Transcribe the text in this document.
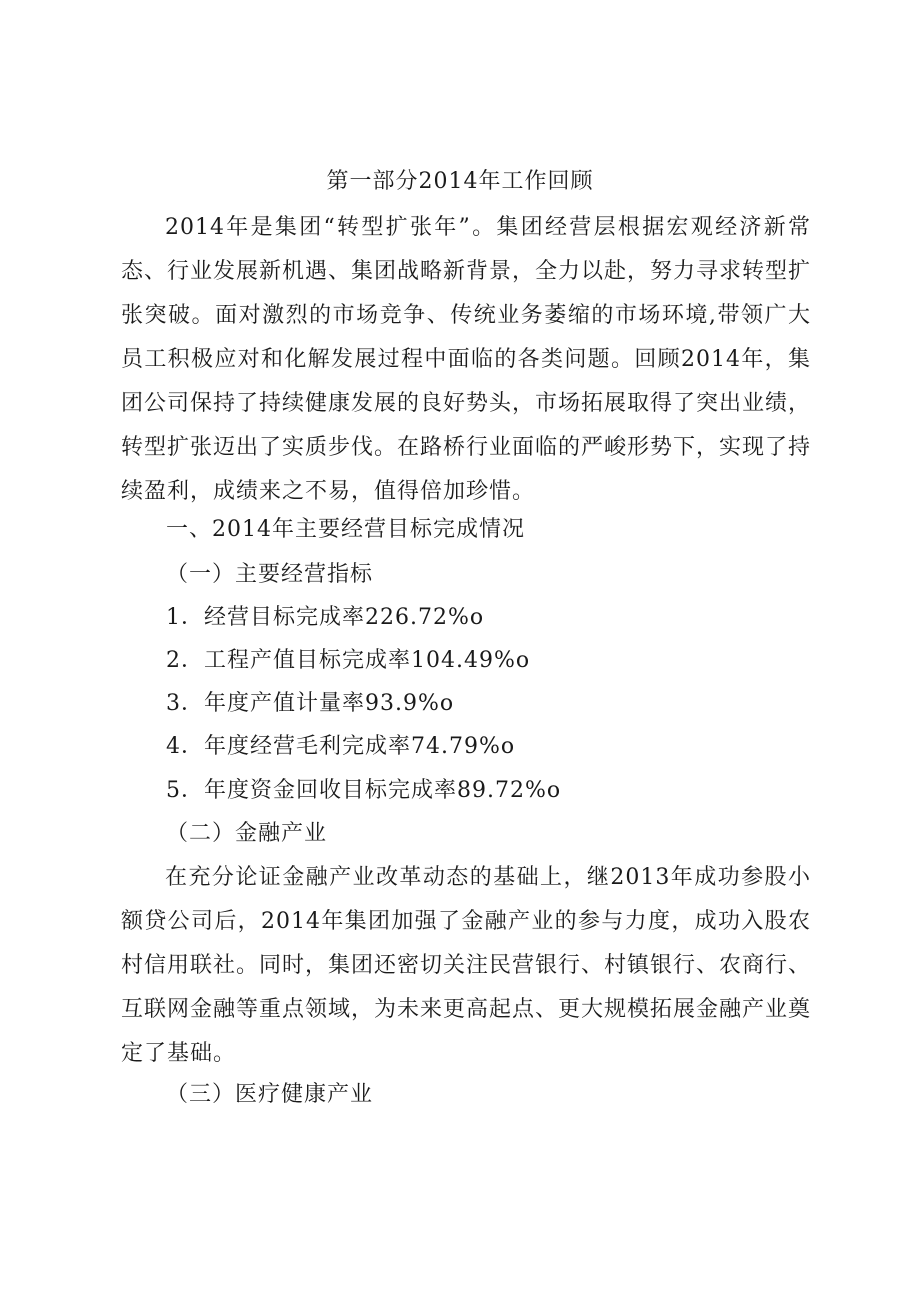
第一部分2014年工作回顾

2014年是集团“转型扩张年”。集团经营层根据宏观经济新常态、行业发展新机遇、集团战略新背景，全力以赴，努力寻求转型扩张突破。面对激烈的市场竞争、传统业务萎缩的市场环境,带领广大员工积极应对和化解发展过程中面临的各类问题。回顾2014年，集团公司保持了持续健康发展的良好势头，市场拓展取得了突出业绩，转型扩张迈出了实质步伐。在路桥行业面临的严峻形势下，实现了持续盈利，成绩来之不易，值得倍加珍惜。

一、2014年主要经营目标完成情况
（一）主要经营指标
1．经营目标完成率226.72%o
2．工程产值目标完成率104.49%o
3．年度产值计量率93.9%o
4．年度经营毛利完成率74.79%o
5．年度资金回收目标完成率89.72%o
（二）金融产业

在充分论证金融产业改革动态的基础上，继2013年成功参股小额贷公司后，2014年集团加强了金融产业的参与力度，成功入股农村信用联社。同时，集团还密切关注民营银行、村镇银行、农商行、互联网金融等重点领域，为未来更高起点、更大规模拓展金融产业奠定了基础。

（三）医疗健康产业
